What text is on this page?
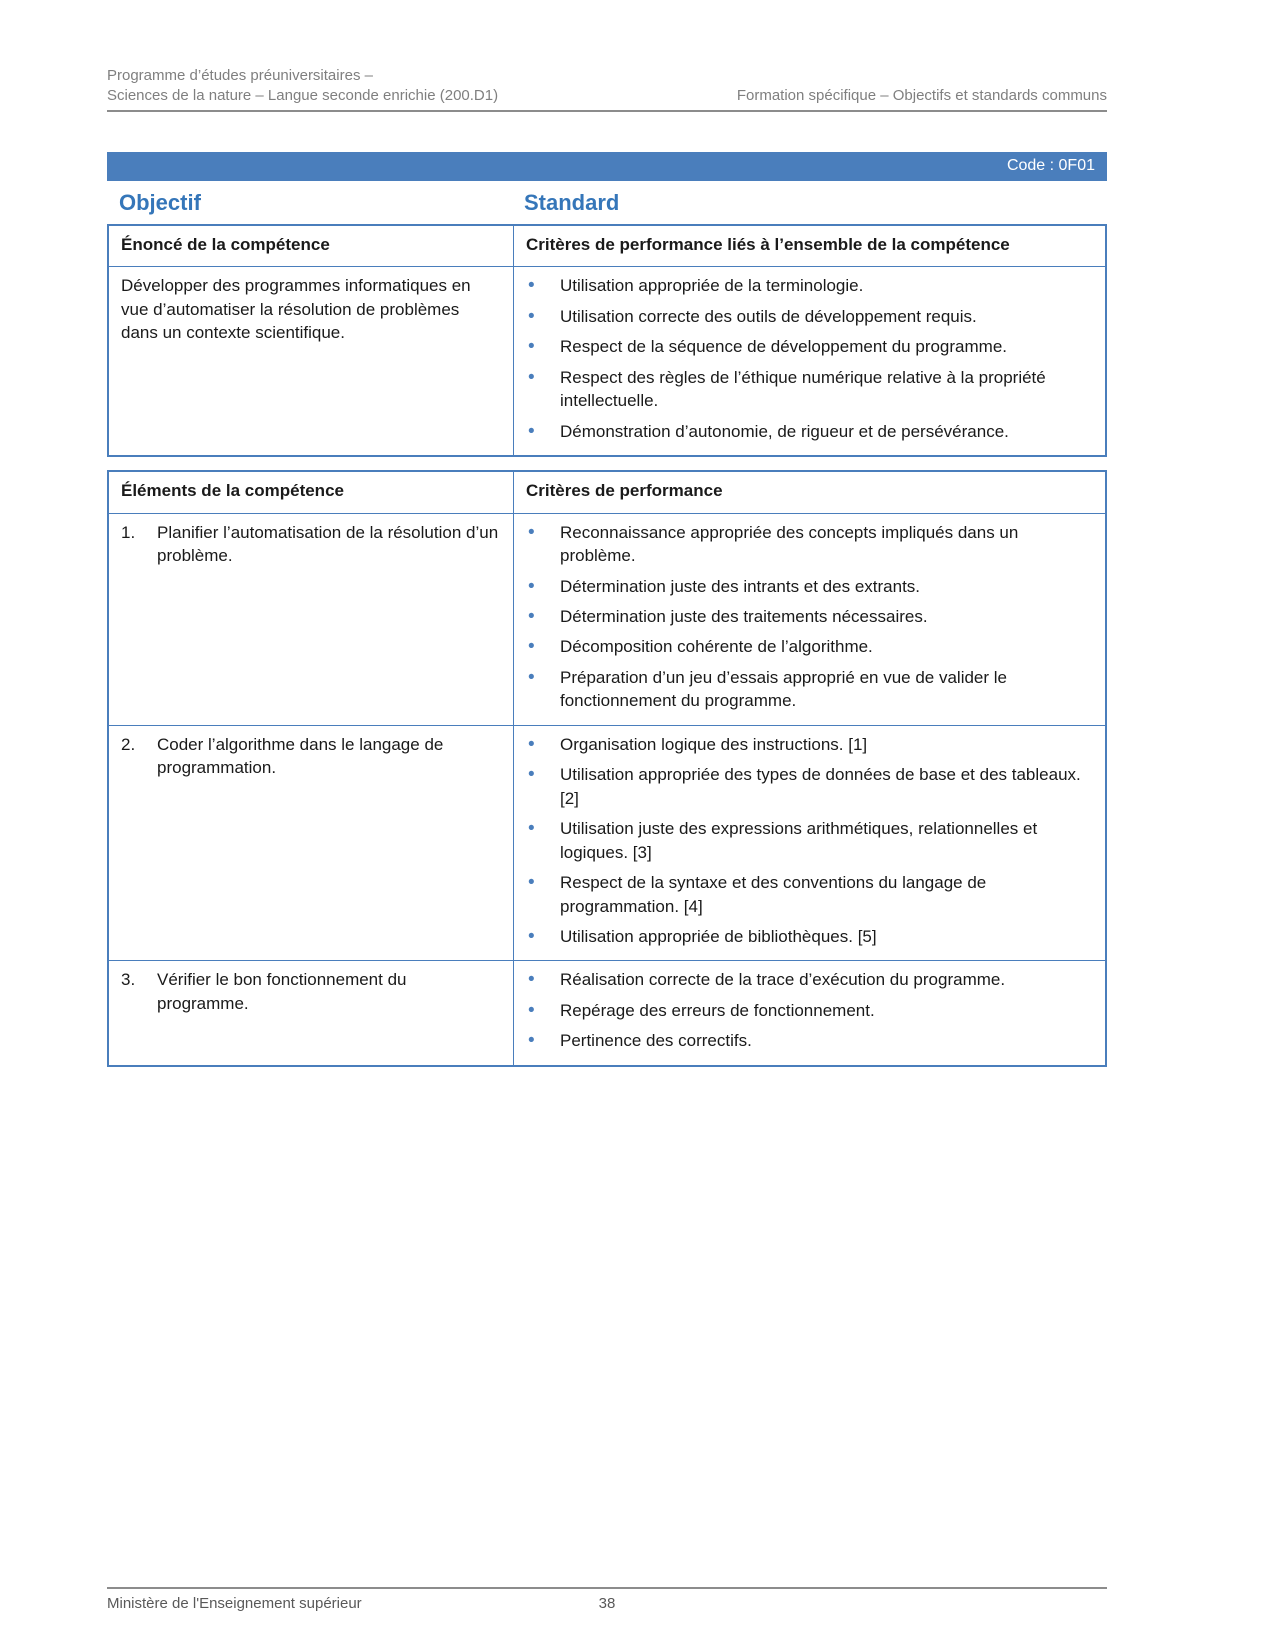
Programme d’études préuniversitaires –
Sciences de la nature – Langue seconde enrichie (200.D1)	Formation spécifique – Objectifs et standards communs
Code : 0F01
Objectif	Standard
Énoncé de la compétence	Critères de performance liés à l’ensemble de la compétence
Développer des programmes informatiques en vue d’automatiser la résolution de problèmes dans un contexte scientifique.
• Utilisation appropriée de la terminologie.
• Utilisation correcte des outils de développement requis.
• Respect de la séquence de développement du programme.
• Respect des règles de l’éthique numérique relative à la propriété intellectuelle.
• Démonstration d’autonomie, de rigueur et de persévérance.
Éléments de la compétence	Critères de performance
1.	Planifier l’automatisation de la résolution d’un problème.
• Reconnaissance appropriée des concepts impliqués dans un problème.
• Détermination juste des intrants et des extrants.
• Détermination juste des traitements nécessaires.
• Décomposition cohérente de l’algorithme.
• Préparation d’un jeu d’essais approprié en vue de valider le fonctionnement du programme.
2.	Coder l’algorithme dans le langage de programmation.
• Organisation logique des instructions. [1]
• Utilisation appropriée des types de données de base et des tableaux. [2]
• Utilisation juste des expressions arithmétiques, relationnelles et logiques. [3]
• Respect de la syntaxe et des conventions du langage de programmation. [4]
• Utilisation appropriée de bibliothèques. [5]
3.	Vérifier le bon fonctionnement du programme.
• Réalisation correcte de la trace d’exécution du programme.
• Repérage des erreurs de fonctionnement.
• Pertinence des correctifs.
Ministère de l'Enseignement supérieur	38
